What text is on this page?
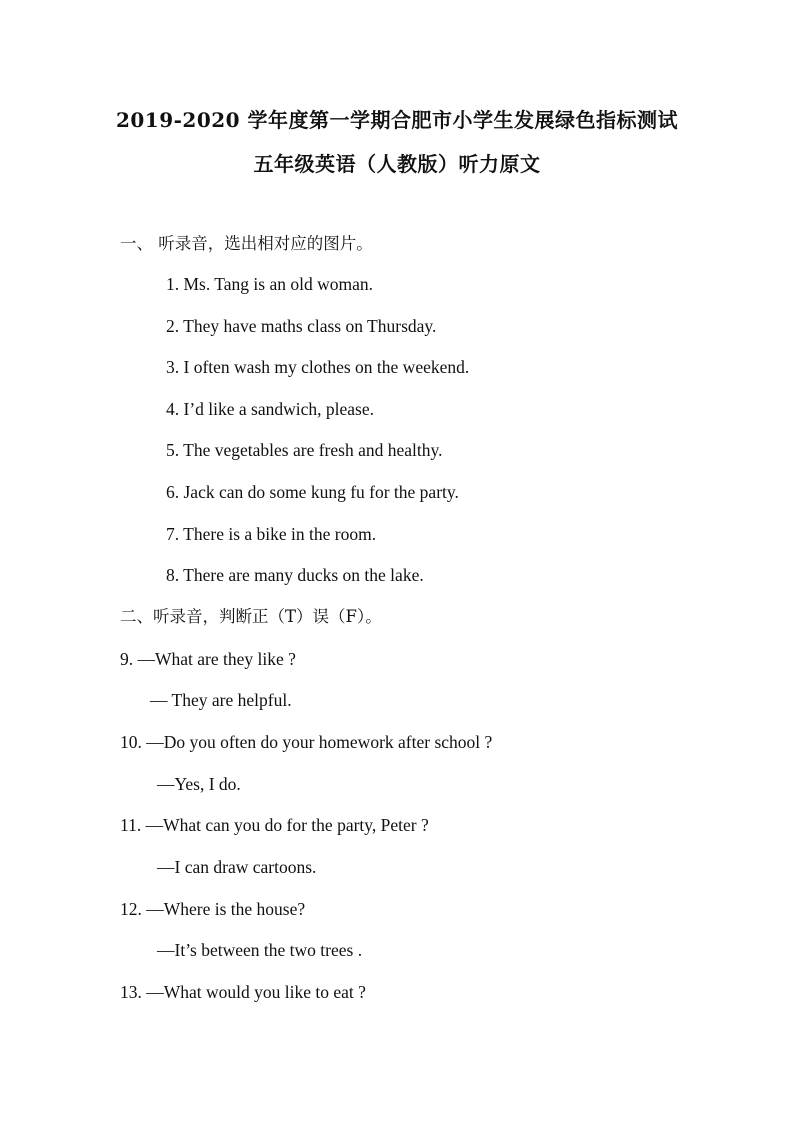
2019-2020 学年度第一学期合肥市小学生发展绿色指标测试
五年级英语（人教版）听力原文
一、 听录音，选出相对应的图片。
1. Ms. Tang is an old woman.
2. They have maths class on Thursday.
3. I often wash my clothes on the weekend.
4. I’d like a sandwich, please.
5. The vegetables are fresh and healthy.
6. Jack can do some kung fu for the party.
7. There is a bike in the room.
8. There are many ducks on the lake.
二、听录音，判断正（T）误（F）。
9. —What are they like ?
— They are helpful.
10. —Do you often do your homework after school ?
—Yes, I do.
11. —What can you do for the party, Peter ?
—I can draw cartoons.
12. —Where is the house?
—It’s between the two trees .
13. —What would you like to eat ?
